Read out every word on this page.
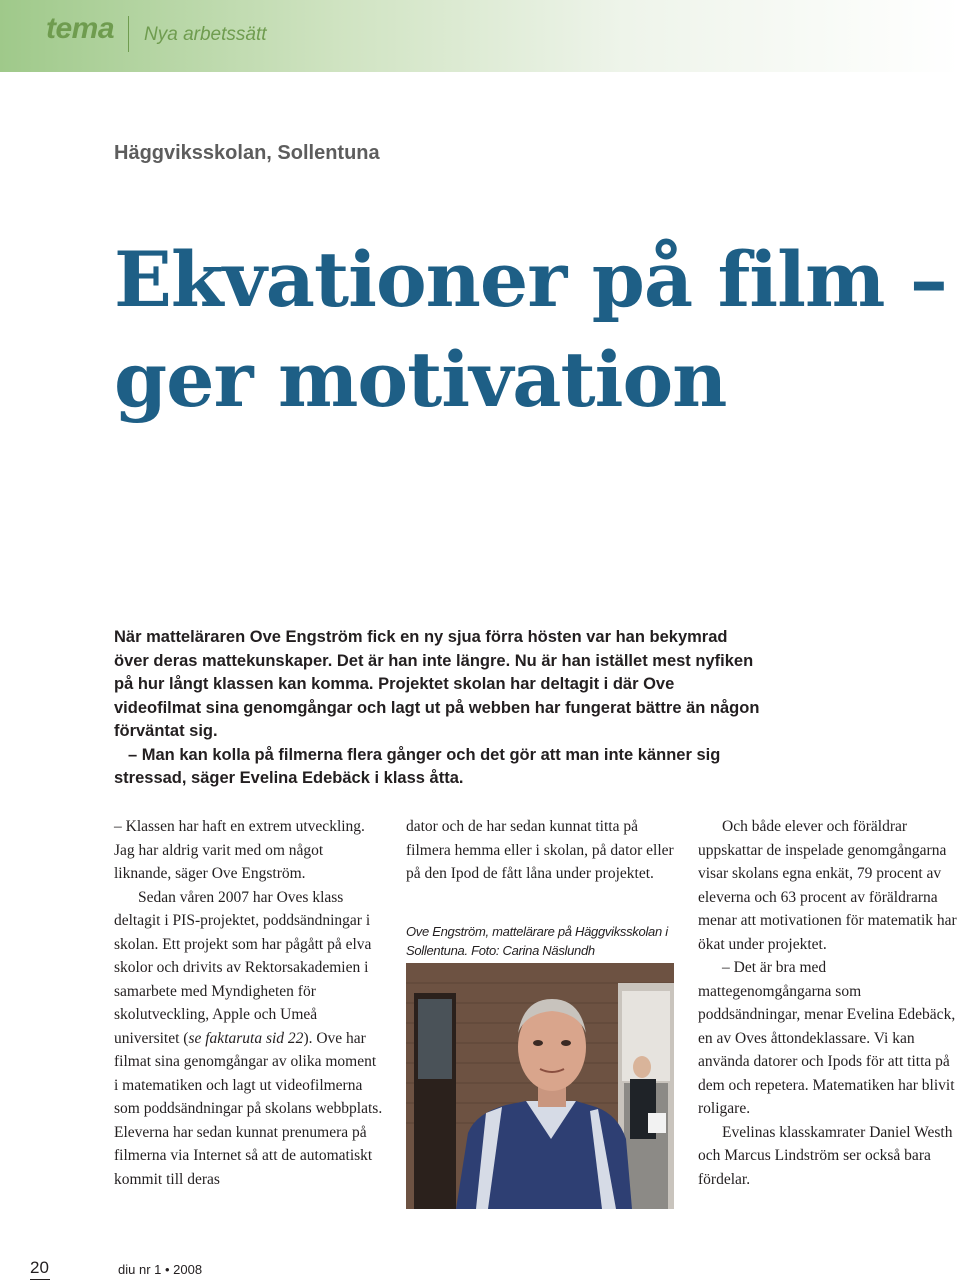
tema Nya arbetssätt
Häggviksskolan, Sollentuna
Ekvationer på film –
ger motivation

När matteläraren Ove Engström fick en ny sjua förra hösten var han bekymrad över deras mattekunskaper. Det är han inte längre. Nu är han istället mest nyfiken på hur långt klassen kan komma. Projektet skolan har deltagit i där Ove videofilmat sina genomgångar och lagt ut på webben har fungerat bättre än någon förväntat sig.

– Man kan kolla på filmerna flera gånger och det gör att man inte känner sig stressad, säger Evelina Edebäck i klass åtta.

– Klassen har haft en extrem utveckling. Jag har aldrig varit med om något liknande, säger Ove Engström.

Sedan våren 2007 har Oves klass deltagit i PIS-projektet, poddsändningar i skolan. Ett projekt som har pågått på elva skolor och drivits av Rektorsakademien i samarbete med Myndigheten för skolutveckling, Apple och Umeå universitet (se faktaruta sid 22). Ove har filmat sina genomgångar av olika moment i matematiken och lagt ut videofilmerna som poddsändningar på skolans webbplats. Eleverna har sedan kunnat prenumera på filmerna via Internet så att de automatiskt kommit till deras

dator och de har sedan kunnat titta på filmera hemma eller i skolan, på dator eller på den Ipod de fått låna under projektet.

Ove Engström, mattelärare på Häggviksskolan i Sollentuna. Foto: Carina Näslundh

Och både elever och föräldrar uppskattar de inspelade genomgångarna visar skolans egna enkät, 79 procent av eleverna och 63 procent av föräldrarna menar att motivationen för matematik har ökat under projektet.

– Det är bra med mattegenomgångarna som poddsändningar, menar Evelina Edebäck, en av Oves åttondeklassare. Vi kan använda datorer och Ipods för att titta på dem och repetera. Matematiken har blivit roligare.

Evelinas klasskamrater Daniel Westh och Marcus Lindström ser också bara fördelar.

20	diu nr 1 • 2008
